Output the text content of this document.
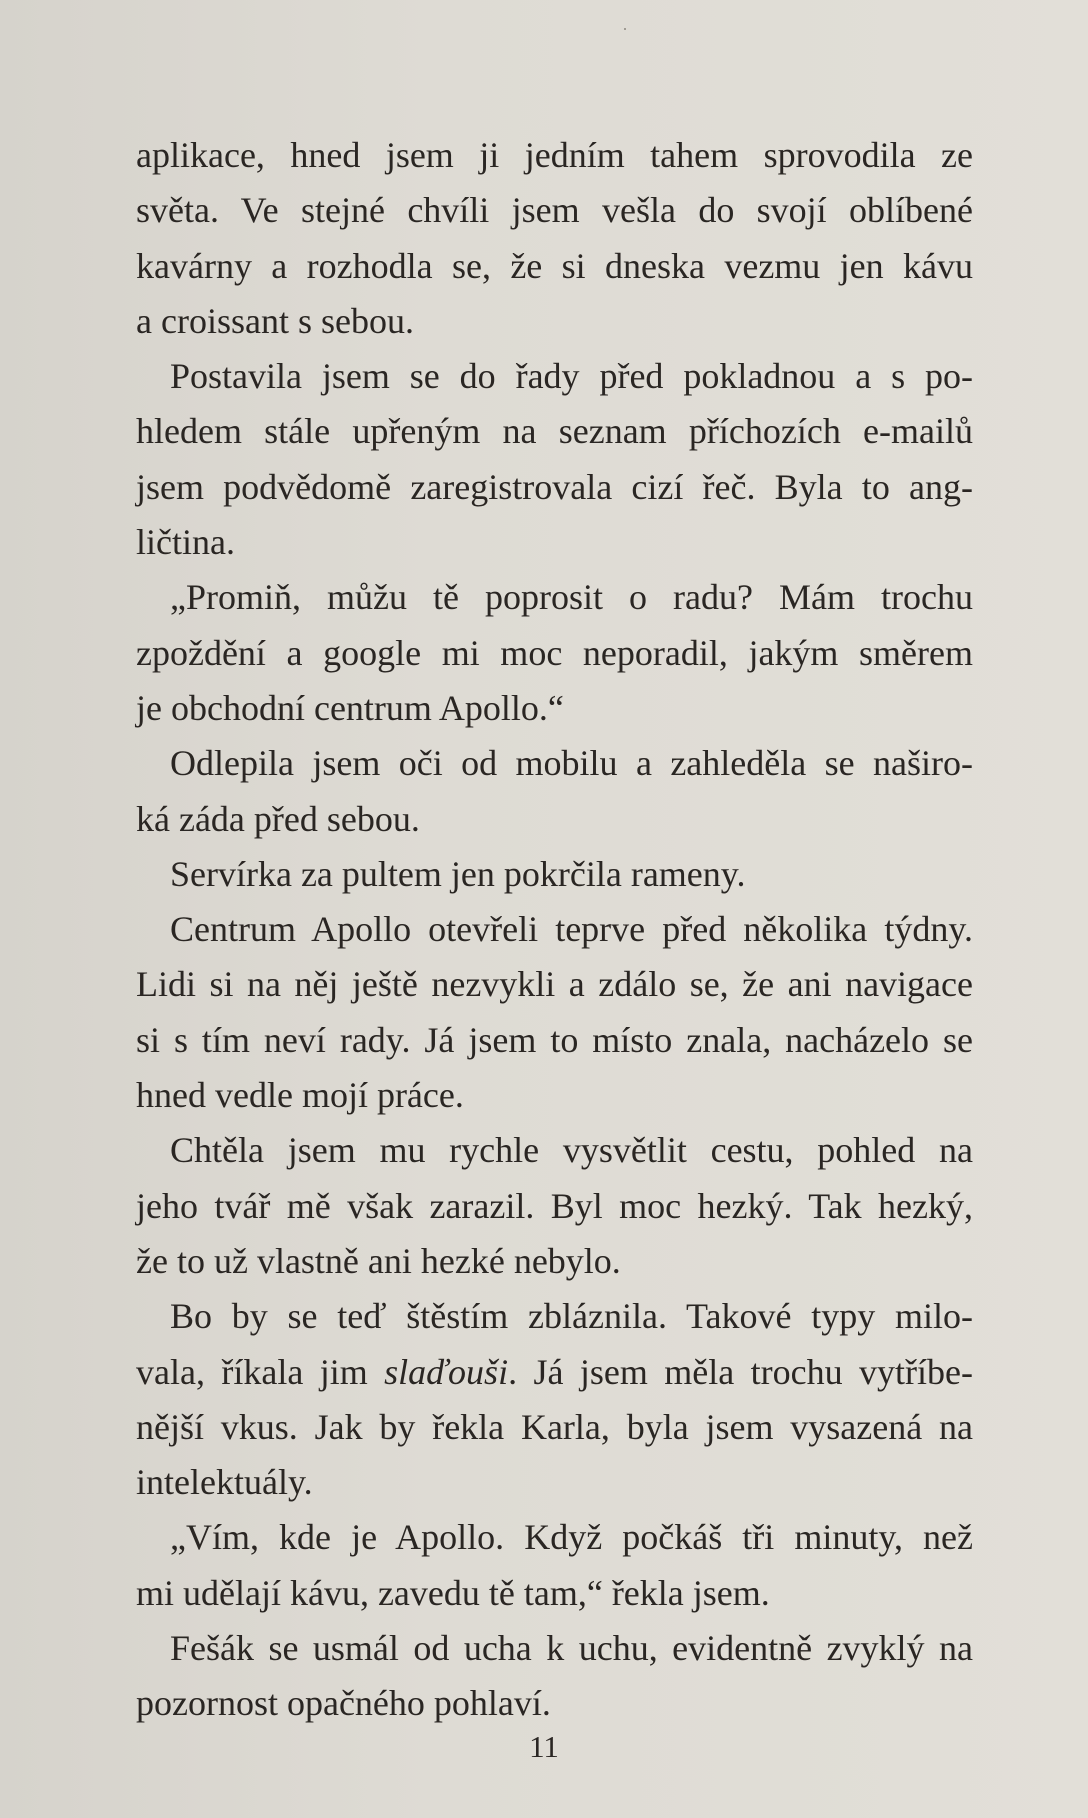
aplikace, hned jsem ji jedním tahem sprovodila ze
světa. Ve stejné chvíli jsem vešla do svojí oblíbené
kavárny a rozhodla se, že si dneska vezmu jen kávu
a croissant s sebou.
Postavila jsem se do řady před pokladnou a s po-
hledem stále upřeným na seznam příchozích e-mailů
jsem podvědomě zaregistrovala cizí řeč. Byla to ang-
ličtina.
„Promiň, můžu tě poprosit o radu? Mám trochu
zpoždění a google mi moc neporadil, jakým směrem
je obchodní centrum Apollo.“
Odlepila jsem oči od mobilu a zahleděla se naširo-
ká záda před sebou.
Servírka za pultem jen pokrčila rameny.
Centrum Apollo otevřeli teprve před několika týdny.
Lidi si na něj ještě nezvykli a zdálo se, že ani navigace
si s tím neví rady. Já jsem to místo znala, nacházelo se
hned vedle mojí práce.
Chtěla jsem mu rychle vysvětlit cestu, pohled na
jeho tvář mě však zarazil. Byl moc hezký. Tak hezký,
že to už vlastně ani hezké nebylo.
Bo by se teď štěstím zbláznila. Takové typy milo-
vala, říkala jim slaďouši. Já jsem měla trochu vytříbe-
nější vkus. Jak by řekla Karla, byla jsem vysazená na
intelektuály.
„Vím, kde je Apollo. Když počkáš tři minuty, než
mi udělají kávu, zavedu tě tam,“ řekla jsem.
Fešák se usmál od ucha k uchu, evidentně zvyklý na
pozornost opačného pohlaví.
11
